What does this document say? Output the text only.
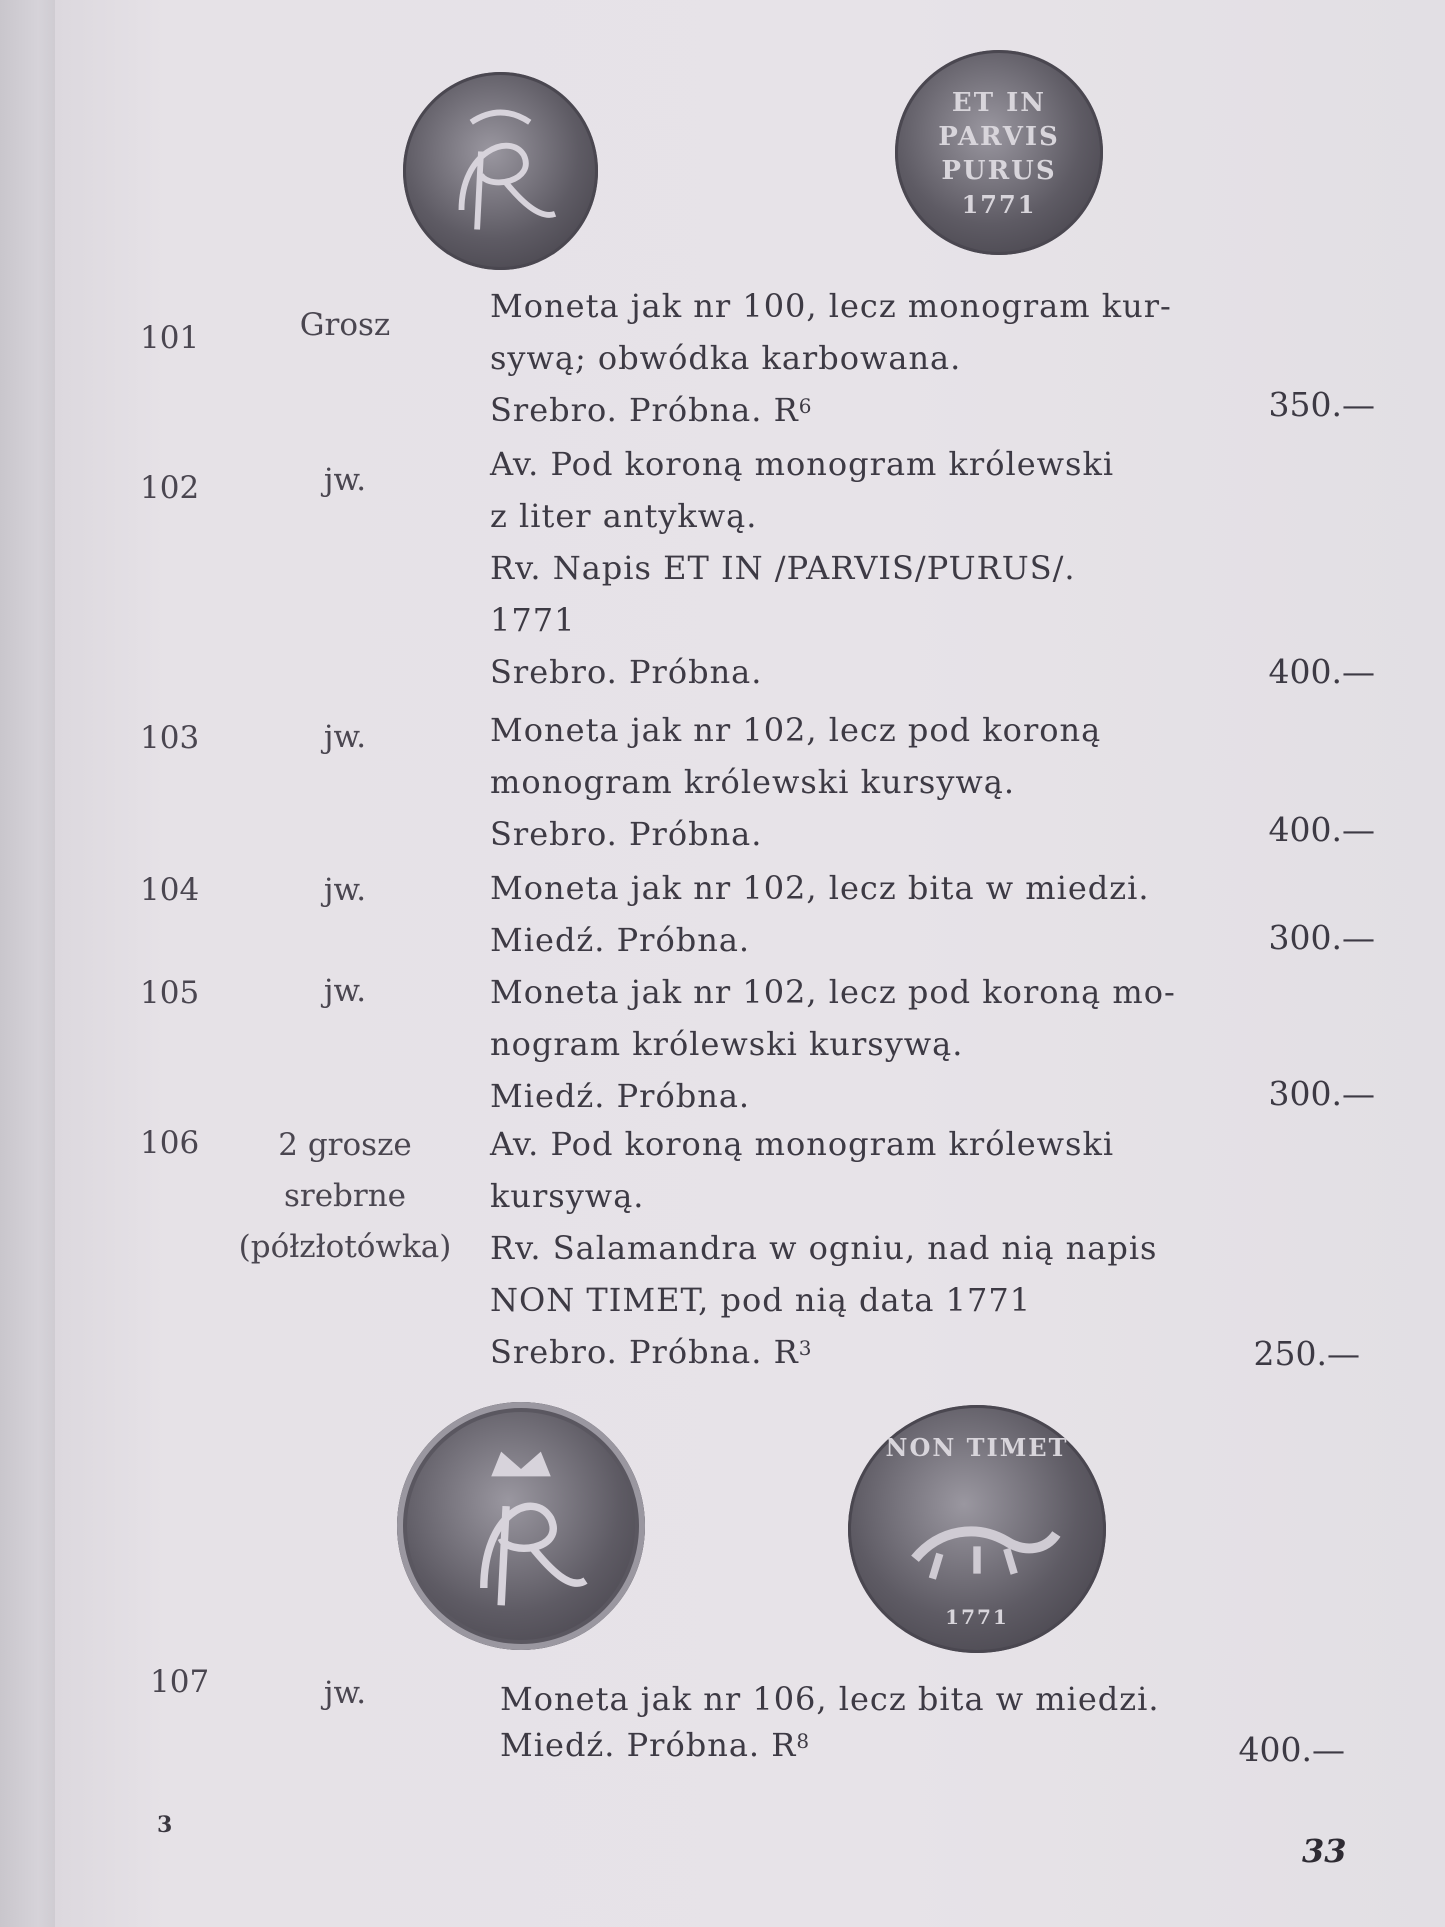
ET IN
PARVIS
PURUS
1771
101	Grosz	Moneta jak nr 100, lecz monogram kur-

sywą; obwódka karbowana.

Srebro. Próbna. $R^6$	350.—
102	jw.	Av. Pod koroną monogram królewski

z liter antykwą.

Rv. Napis ET IN /PARVIS/PURUS/.

1771

Srebro. Próbna.	400.—
103	jw.	Moneta jak nr 102, lecz pod koroną

monogram królewski kursywą.

Srebro. Próbna.	400.—
104	jw.	Moneta jak nr 102, lecz bita w miedzi.

Miedź. Próbna.	300.—
105	jw.	Moneta jak nr 102, lecz pod koroną mo-

nogram królewski kursywą.

Miedź. Próbna.	300.—
106	2 grosze
srebrne
(półzłotówka)

Av. Pod koroną monogram królewski

kursywą.

Rv. Salamandra w ogniu, nad nią napis

NON TIMET, pod nią data 1771

Srebro. Próbna. $R^3$	250.—
NON TIMET
1771
107	jw.	Moneta jak nr 106, lecz bita w miedzi.

Miedź. Próbna. $R^8$	400.—
3
33
